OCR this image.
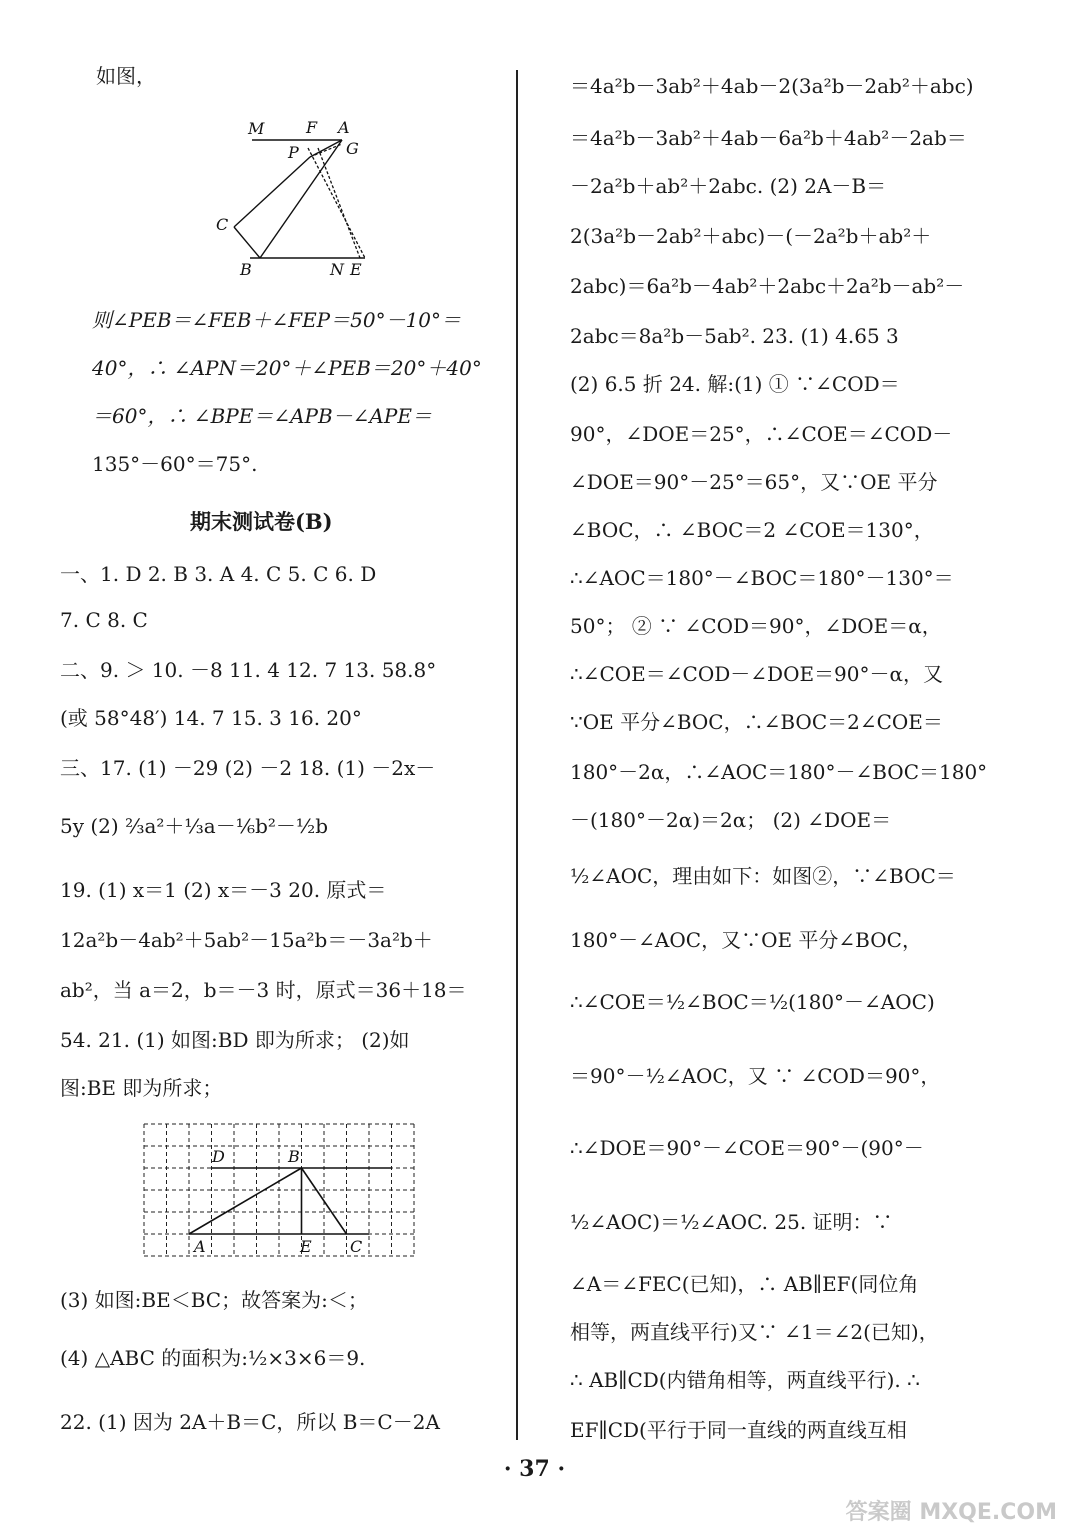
如图，
M	F A
P	G
C
B	N E
则∠PEB＝∠FEB＋∠FEP＝50°－10°＝
40°，∴ ∠APN＝20°＋∠PEB＝20°＋40°
＝60°，∴ ∠BPE＝∠APB－∠APE＝
135°－60°＝75°.
期末测试卷(B)
一、1. D 2. B 3. A 4. C 5. C 6. D
7. C 8. C
二、9. ＞ 10. －8 11. 4 12. 7 13. 58.8°
(或 58°48′) 14. 7 15. 3 16. 20°
三、17. (1) －29 (2) －2 18. (1) －2x－
5y (2) ⅔a²＋⅓a－⅙b²－½b
19. (1) x＝1 (2) x＝－3 20. 原式＝
12a²b－4ab²＋5ab²－15a²b＝－3a²b＋
ab²，当 a＝2，b＝－3 时，原式＝36＋18＝
54. 21. (1) 如图:BD 即为所求； (2)如
图:BE 即为所求；
D	B
A	E C
(3) 如图:BE＜BC；故答案为:＜；
(4) △ABC 的面积为:½×3×6＝9.
22. (1) 因为 2A＋B＝C，所以 B＝C－2A
＝4a²b－3ab²＋4ab－2(3a²b－2ab²＋abc)
＝4a²b－3ab²＋4ab－6a²b＋4ab²－2ab＝
－2a²b＋ab²＋2abc. (2) 2A－B＝
2(3a²b－2ab²＋abc)－(－2a²b＋ab²＋
2abc)＝6a²b－4ab²＋2abc＋2a²b－ab²－
2abc＝8a²b－5ab². 23. (1) 4.65 3
(2) 6.5 折 24. 解:(1) ① ∵∠COD＝
90°，∠DOE＝25°，∴∠COE＝∠COD－
∠DOE＝90°－25°＝65°，又∵OE 平分
∠BOC，∴ ∠BOC＝2 ∠COE＝130°，
∴∠AOC＝180°－∠BOC＝180°－130°＝
50°； ② ∵ ∠COD＝90°，∠DOE＝α，
∴∠COE＝∠COD－∠DOE＝90°－α，又
∵OE 平分∠BOC，∴∠BOC＝2∠COE＝
180°－2α，∴∠AOC＝180°－∠BOC＝180°
－(180°－2α)＝2α； (2) ∠DOE＝
½∠AOC，理由如下：如图②，∵∠BOC＝
180°－∠AOC，又∵OE 平分∠BOC，
∴∠COE＝½∠BOC＝½(180°－∠AOC)
＝90°－½∠AOC，又 ∵ ∠COD＝90°，
∴∠DOE＝90°－∠COE＝90°－(90°－
½∠AOC)＝½∠AOC. 25. 证明：∵
∠A＝∠FEC(已知)，∴ AB∥EF(同位角
相等，两直线平行)又∵ ∠1＝∠2(已知)，
∴ AB∥CD(内错角相等，两直线平行). ∴
EF∥CD(平行于同一直线的两直线互相
· 37 ·
答案圈 MXQE.COM
